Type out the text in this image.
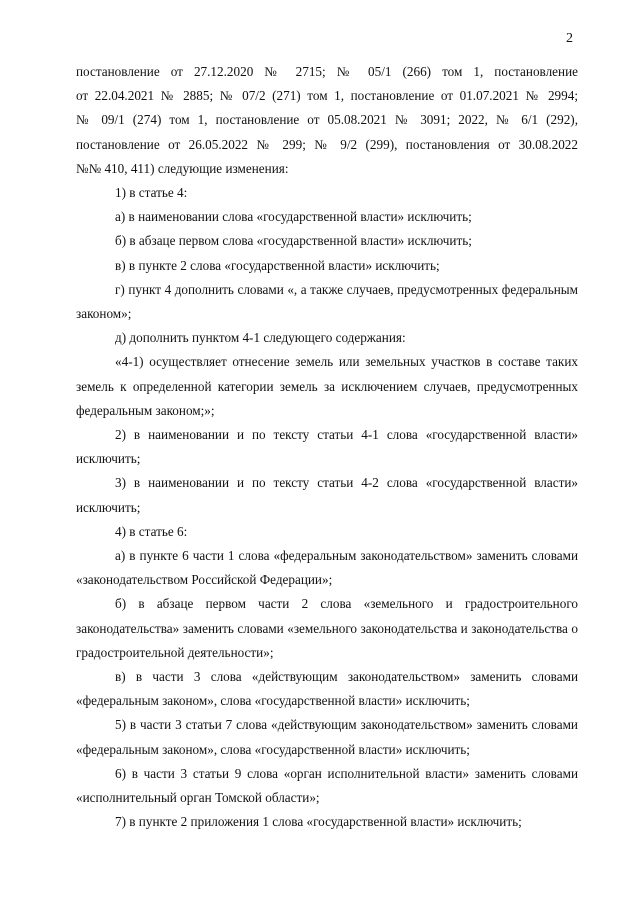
2

постановление от 27.12.2020 № 2715; № 05/1 (266) том 1, постановление
от 22.04.2021 № 2885; № 07/2 (271) том 1, постановление от 01.07.2021 № 2994;
№ 09/1 (274) том 1, постановление от 05.08.2021 № 3091; 2022, № 6/1 (292),
постановление от 26.05.2022 № 299; № 9/2 (299), постановления от 30.08.2022
№№ 410, 411) следующие изменения:

1) в статье 4:

а) в наименовании слова «государственной власти» исключить;

б) в абзаце первом слова «государственной власти» исключить;

в) в пункте 2 слова «государственной власти» исключить;

г) пункт 4 дополнить словами «, а также случаев, предусмотренных федеральным законом»;

д) дополнить пунктом 4-1 следующего содержания:

«4-1) осуществляет отнесение земель или земельных участков в составе таких земель к определенной категории земель за исключением случаев, предусмотренных федеральным законом;»;

2) в наименовании и по тексту статьи 4-1 слова «государственной власти» исключить;

3) в наименовании и по тексту статьи 4-2 слова «государственной власти» исключить;

4) в статье 6:

а) в пункте 6 части 1 слова «федеральным законодательством» заменить словами «законодательством Российской Федерации»;

б) в абзаце первом части 2 слова «земельного и градостроительного законодательства» заменить словами «земельного законодательства и законодательства о градостроительной деятельности»;

в) в части 3 слова «действующим законодательством» заменить словами «федеральным законом», слова «государственной власти» исключить;

5) в части 3 статьи 7 слова «действующим законодательством» заменить словами «федеральным законом», слова «государственной власти» исключить;

6) в части 3 статьи 9 слова «орган исполнительной власти» заменить словами «исполнительный орган Томской области»;

7) в пункте 2 приложения 1 слова «государственной власти» исключить;
